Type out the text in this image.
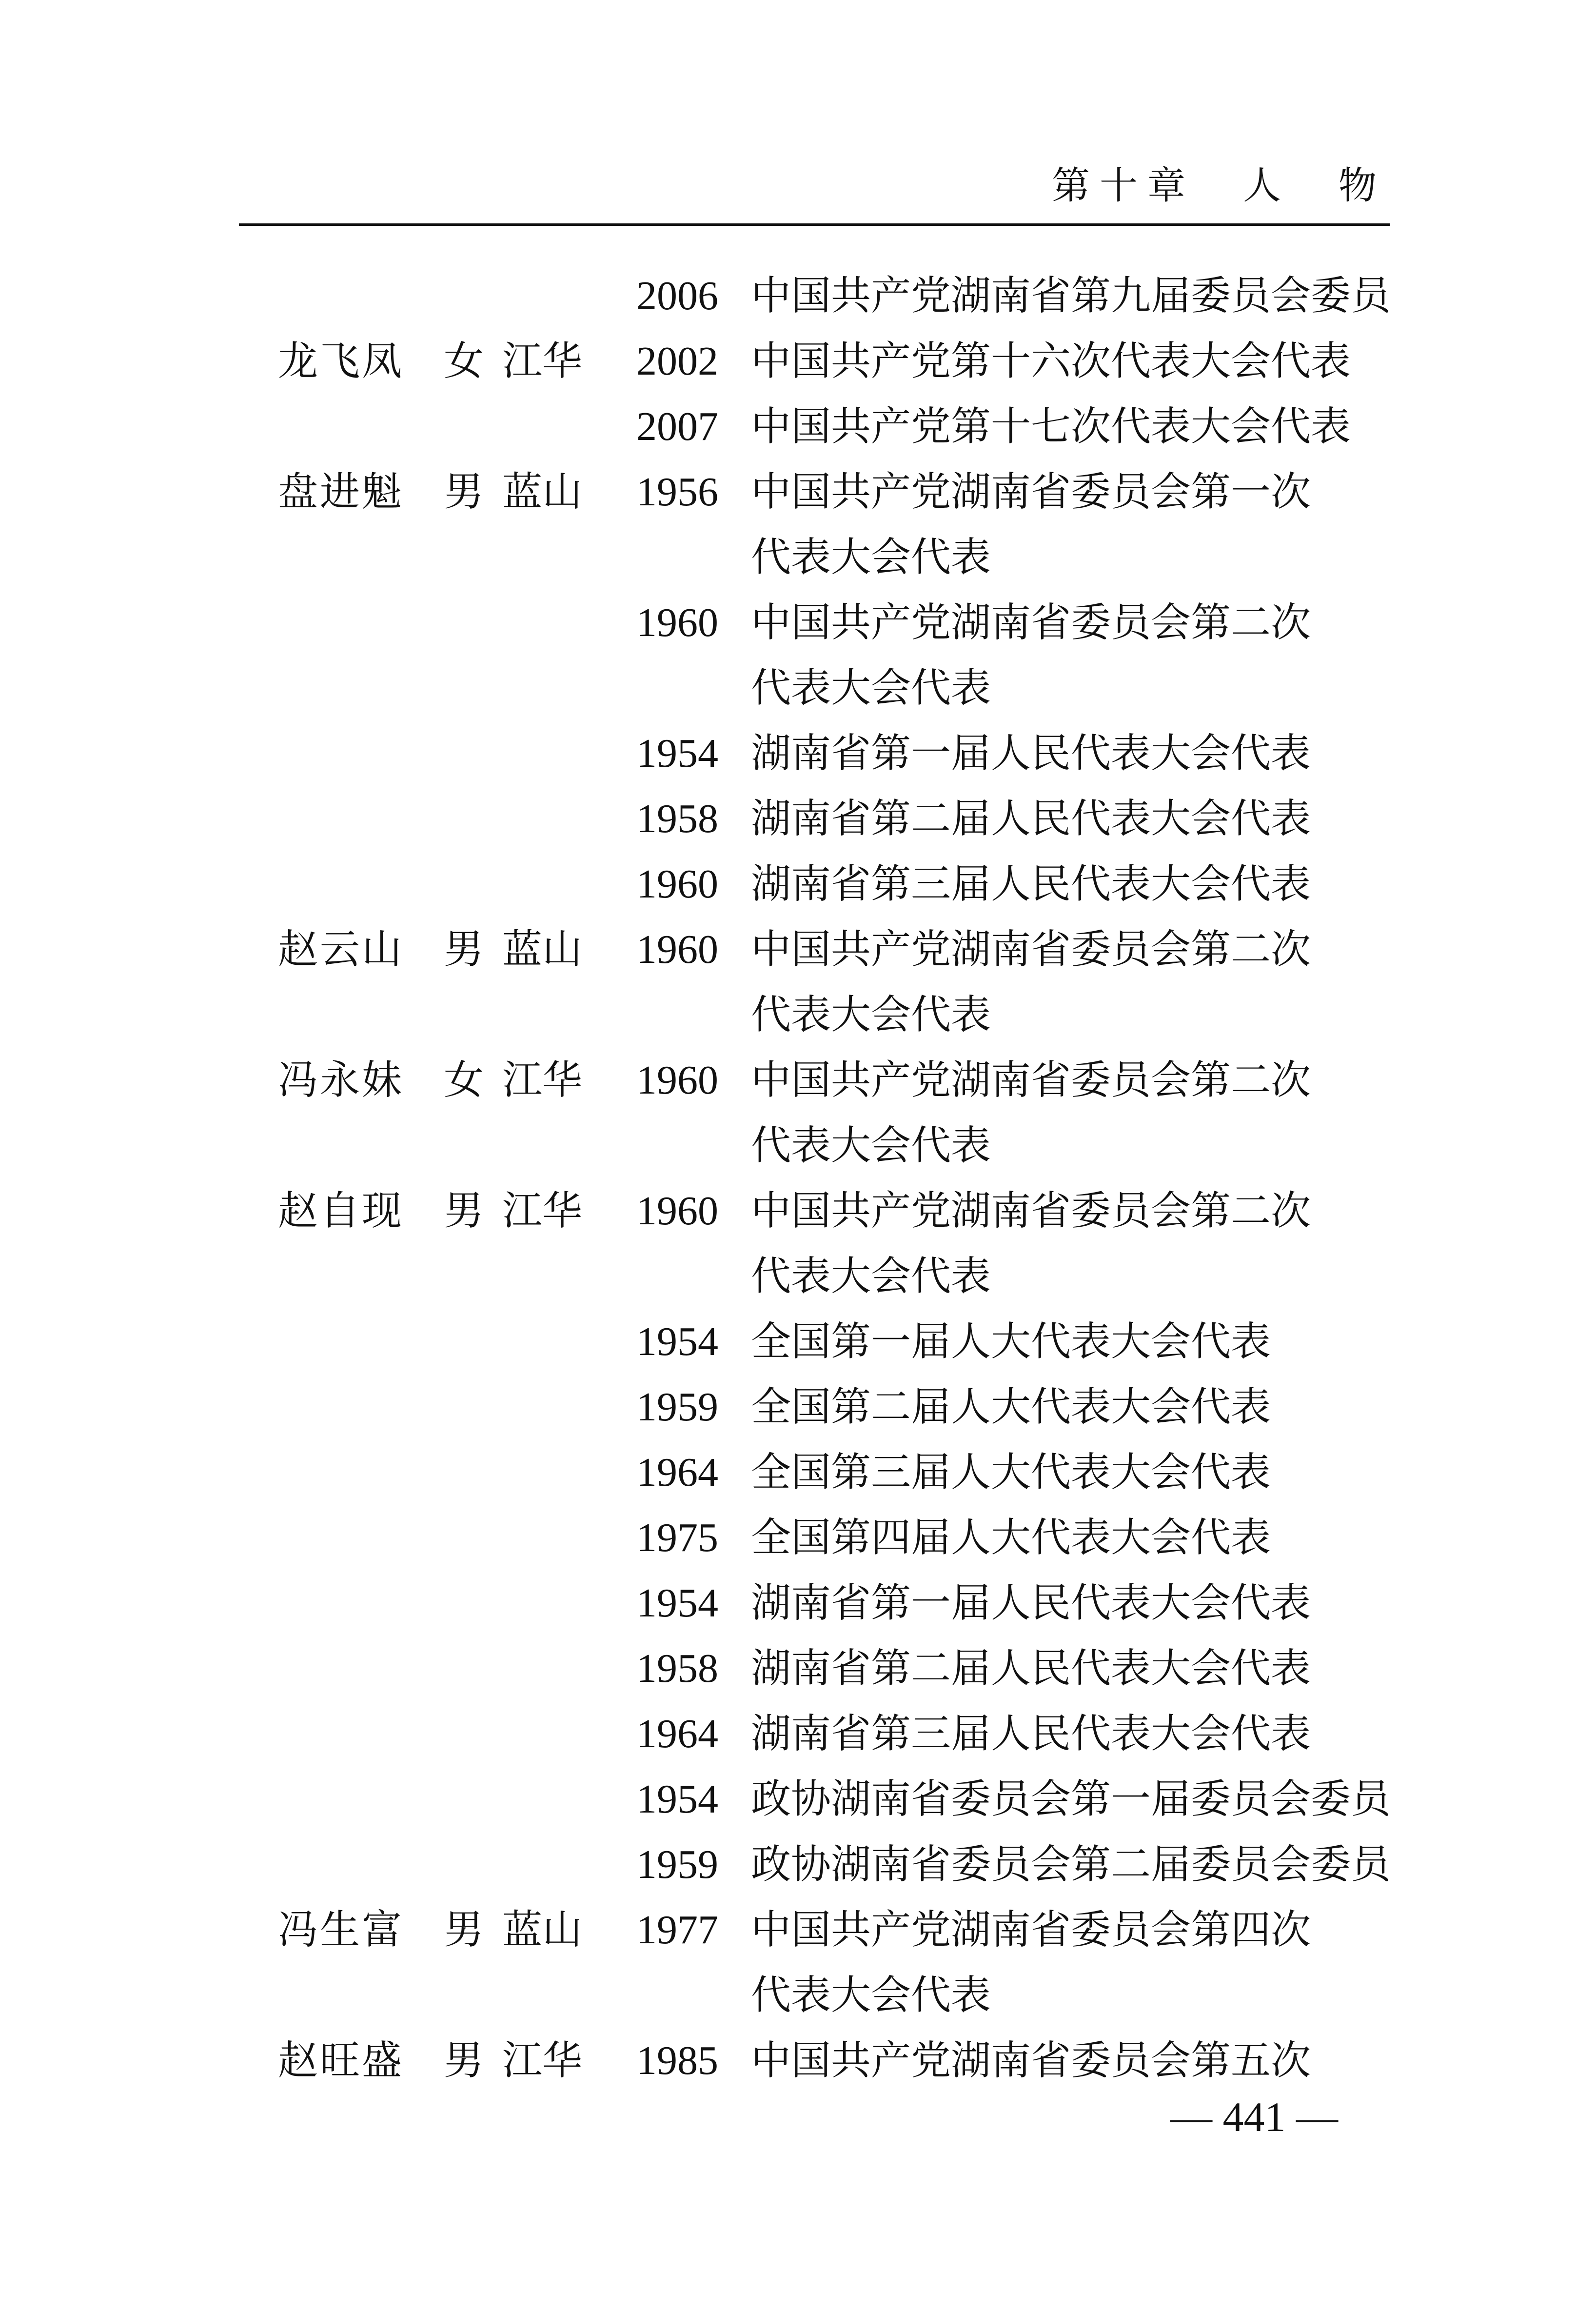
第十章　人　物
2006 中国共产党湖南省第九届委员会委员
龙飞凤 女 江华 2002 中国共产党第十六次代表大会代表
2007 中国共产党第十七次代表大会代表
盘进魁 男 蓝山 1956 中国共产党湖南省委员会第一次
代表大会代表
1960 中国共产党湖南省委员会第二次
代表大会代表
1954 湖南省第一届人民代表大会代表
1958 湖南省第二届人民代表大会代表
1960 湖南省第三届人民代表大会代表
赵云山 男 蓝山 1960 中国共产党湖南省委员会第二次
代表大会代表
冯永妹 女 江华 1960 中国共产党湖南省委员会第二次
代表大会代表
赵自现 男 江华 1960 中国共产党湖南省委员会第二次
代表大会代表
1954 全国第一届人大代表大会代表
1959 全国第二届人大代表大会代表
1964 全国第三届人大代表大会代表
1975 全国第四届人大代表大会代表
1954 湖南省第一届人民代表大会代表
1958 湖南省第二届人民代表大会代表
1964 湖南省第三届人民代表大会代表
1954 政协湖南省委员会第一届委员会委员
1959 政协湖南省委员会第二届委员会委员
冯生富 男 蓝山 1977 中国共产党湖南省委员会第四次
代表大会代表
赵旺盛 男 江华 1985 中国共产党湖南省委员会第五次
— 441 —
